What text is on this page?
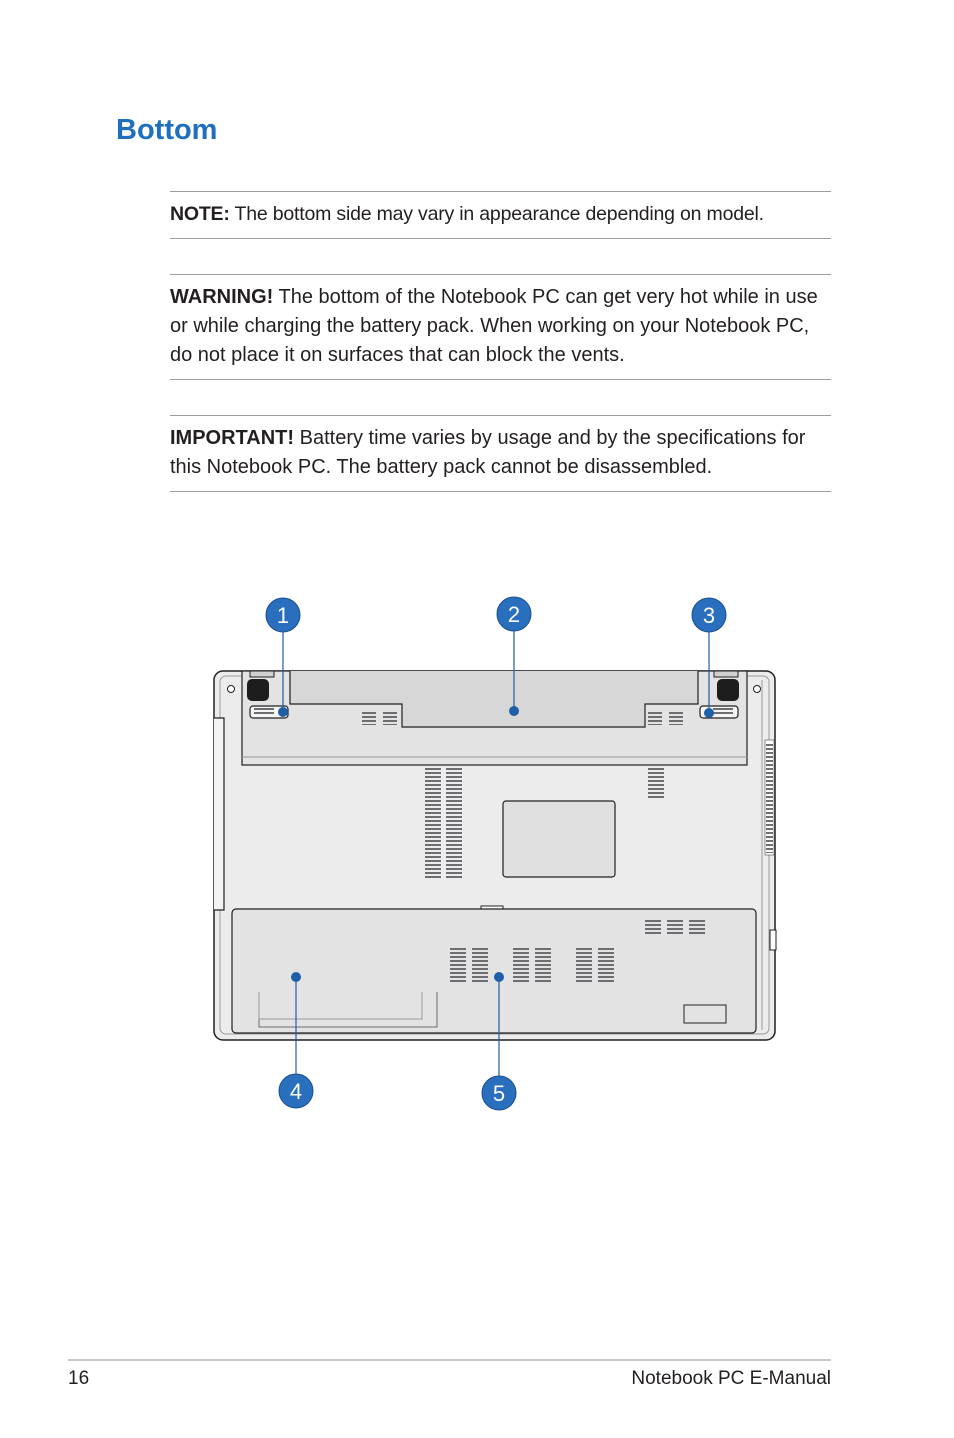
Bottom
NOTE: The bottom side may vary in appearance depending on model.
WARNING! The bottom of the Notebook PC can get very hot while in use or while charging the battery pack. When working on your Notebook PC, do not place it on surfaces that can block the vents.
IMPORTANT! Battery time varies by usage and by the specifications for this Notebook PC. The battery pack cannot be disassembled.
1	2	3
4	5
16	Notebook PC E-Manual
